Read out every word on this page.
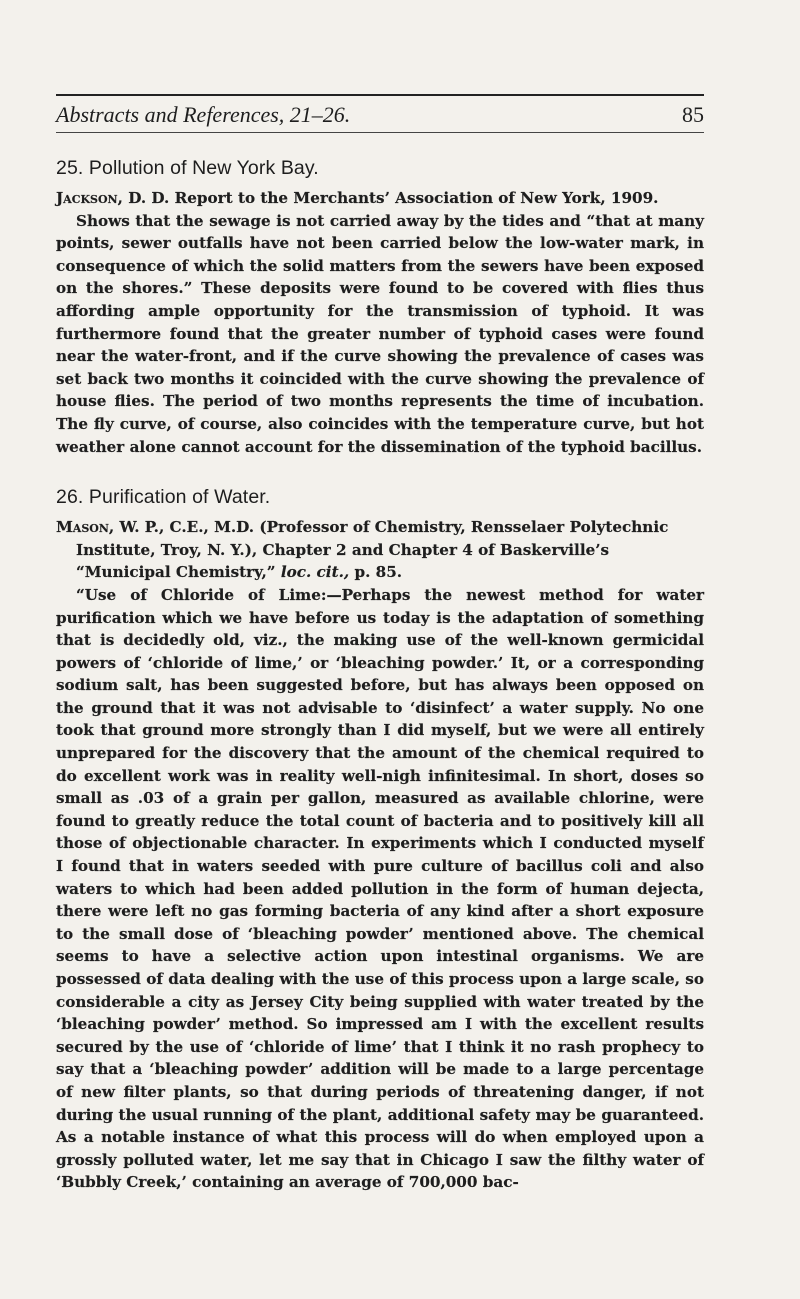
Abstracts and References, 21–26.	85
25. Pollution of New York Bay.

Jackson, D. D. Report to the Merchants’ Association of New York, 1909.

Shows that the sewage is not carried away by the tides and “that at many points, sewer outfalls have not been carried below the low-water mark, in consequence of which the solid matters from the sewers have been exposed on the shores.” These deposits were found to be covered with flies thus affording ample opportunity for the transmission of typhoid. It was furthermore found that the greater number of typhoid cases were found near the water-front, and if the curve showing the prevalence of cases was set back two months it coincided with the curve showing the prevalence of house flies. The period of two months represents the time of incubation. The fly curve, of course, also coincides with the temperature curve, but hot weather alone cannot account for the dissemination of the typhoid bacillus.

26. Purification of Water.

Mason, W. P., C.E., M.D. (Professor of Chemistry, Rensselaer Polytechnic Institute, Troy, N. Y.), Chapter 2 and Chapter 4 of Baskerville’s “Municipal Chemistry,” loc. cit., p. 85.

“Use of Chloride of Lime:—Perhaps the newest method for water purification which we have before us today is the adaptation of something that is decidedly old, viz., the making use of the well-known germicidal powers of ‘chloride of lime,’ or ‘bleaching powder.’ It, or a corresponding sodium salt, has been suggested before, but has always been opposed on the ground that it was not advisable to ‘disinfect’ a water supply. No one took that ground more strongly than I did myself, but we were all entirely unprepared for the discovery that the amount of the chemical required to do excellent work was in reality well-nigh infinitesimal. In short, doses so small as .03 of a grain per gallon, measured as available chlorine, were found to greatly reduce the total count of bacteria and to positively kill all those of objectionable character. In experiments which I conducted myself I found that in waters seeded with pure culture of bacillus coli and also waters to which had been added pollution in the form of human dejecta, there were left no gas forming bacteria of any kind after a short exposure to the small dose of ‘bleaching powder’ mentioned above. The chemical seems to have a selective action upon intestinal organisms. We are possessed of data dealing with the use of this process upon a large scale, so considerable a city as Jersey City being supplied with water treated by the ‘bleaching powder’ method. So impressed am I with the excellent results secured by the use of ‘chloride of lime’ that I think it no rash prophecy to say that a ‘bleaching powder’ addition will be made to a large percentage of new filter plants, so that during periods of threatening danger, if not during the usual running of the plant, additional safety may be guaranteed. As a notable instance of what this process will do when employed upon a grossly polluted water, let me say that in Chicago I saw the filthy water of ‘Bubbly Creek,’ containing an average of 700,000 bac-
